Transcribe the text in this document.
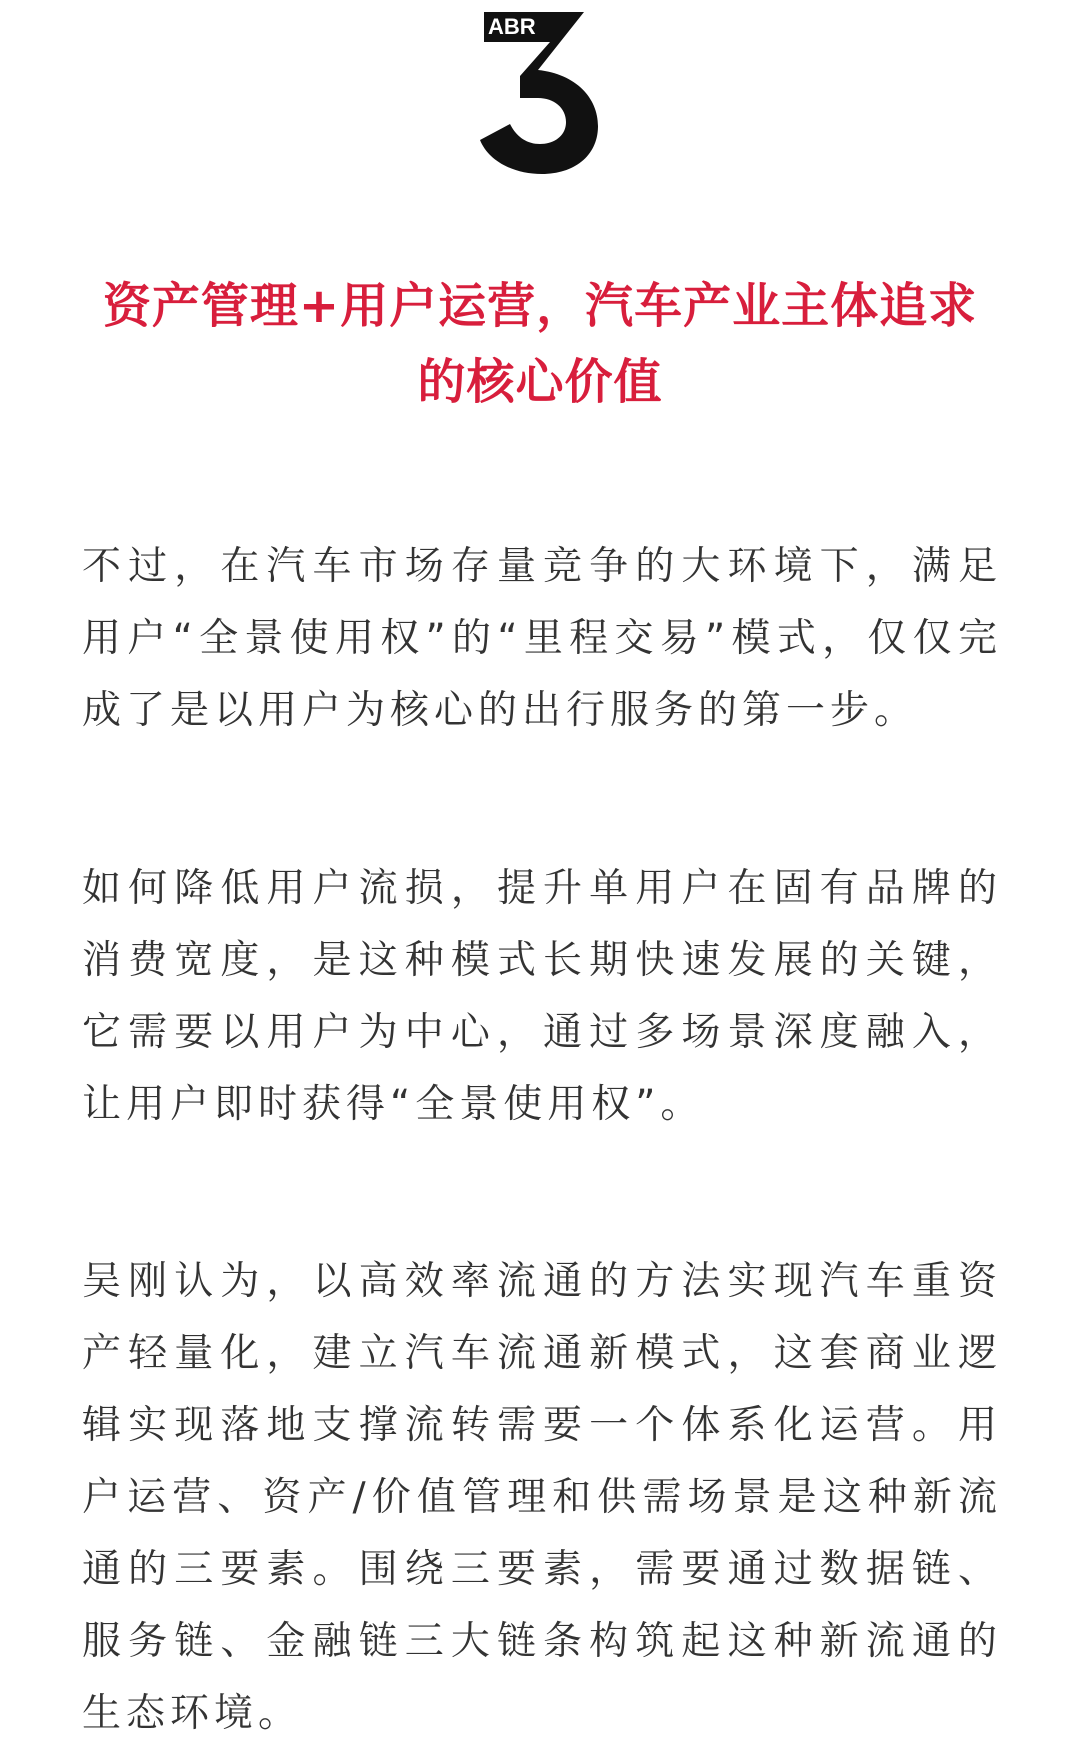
ABR
资产管理+用户运营，汽车产业主体追求的核心价值

不过，在汽车市场存量竞争的大环境下，满足用户“全景使用权”的“里程交易”模式，仅仅完成了是以用户为核心的出行服务的第一步。

如何降低用户流损，提升单用户在固有品牌的消费宽度，是这种模式长期快速发展的关键，它需要以用户为中心，通过多场景深度融入，让用户即时获得“全景使用权”。

吴刚认为，以高效率流通的方法实现汽车重资产轻量化，建立汽车流通新模式，这套商业逻辑实现落地支撑流转需要一个体系化运营。用户运营、资产/价值管理和供需场景是这种新流通的三要素。围绕三要素，需要通过数据链、服务链、金融链三大链条构筑起这种新流通的生态环境。
